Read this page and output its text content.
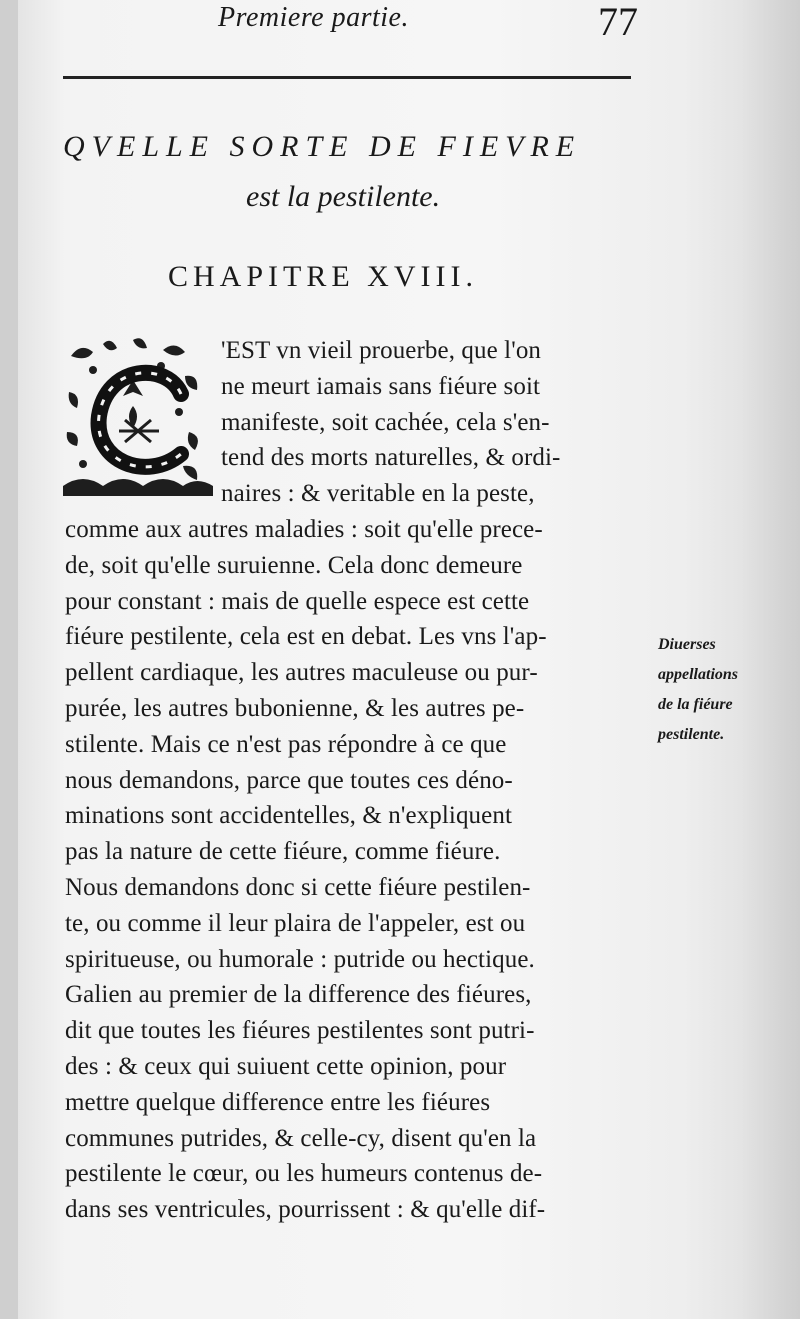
Premiere partie.	77
QVELLE SORTE DE FIEVRE
est la pestilente.
CHAPITRE XVIII.
'EST vn vieil prouerbe, que l'on
ne meurt iamais sans fiéure soit
manifeste, soit cachée, cela s'en-
tend des morts naturelles, & ordi-
naires : & veritable en la peste,
comme aux autres maladies : soit qu'elle prece-
de, soit qu'elle suruienne. Cela donc demeure
pour constant : mais de quelle espece est cette
fiéure pestilente, cela est en debat. Les vns l'ap-
pellent cardiaque, les autres maculeuse ou pur-
purée, les autres bubonienne, & les autres pe-
stilente. Mais ce n'est pas répondre à ce que
nous demandons, parce que toutes ces déno-
minations sont accidentelles, & n'expliquent
pas la nature de cette fiéure, comme fiéure.
Nous demandons donc si cette fiéure pestilen-
te, ou comme il leur plaira de l'appeler, est ou
spiritueuse, ou humorale : putride ou hectique.
Galien au premier de la difference des fiéures,
dit que toutes les fiéures pestilentes sont putri-
des : & ceux qui suiuent cette opinion, pour
mettre quelque difference entre les fiéures
communes putrides, & celle-cy, disent qu'en la
pestilente le cœur, ou les humeurs contenus de-
dans ses ventricules, pourrissent : & qu'elle dif-
Diuerses
appellations
de la fiéure
pestilente.
